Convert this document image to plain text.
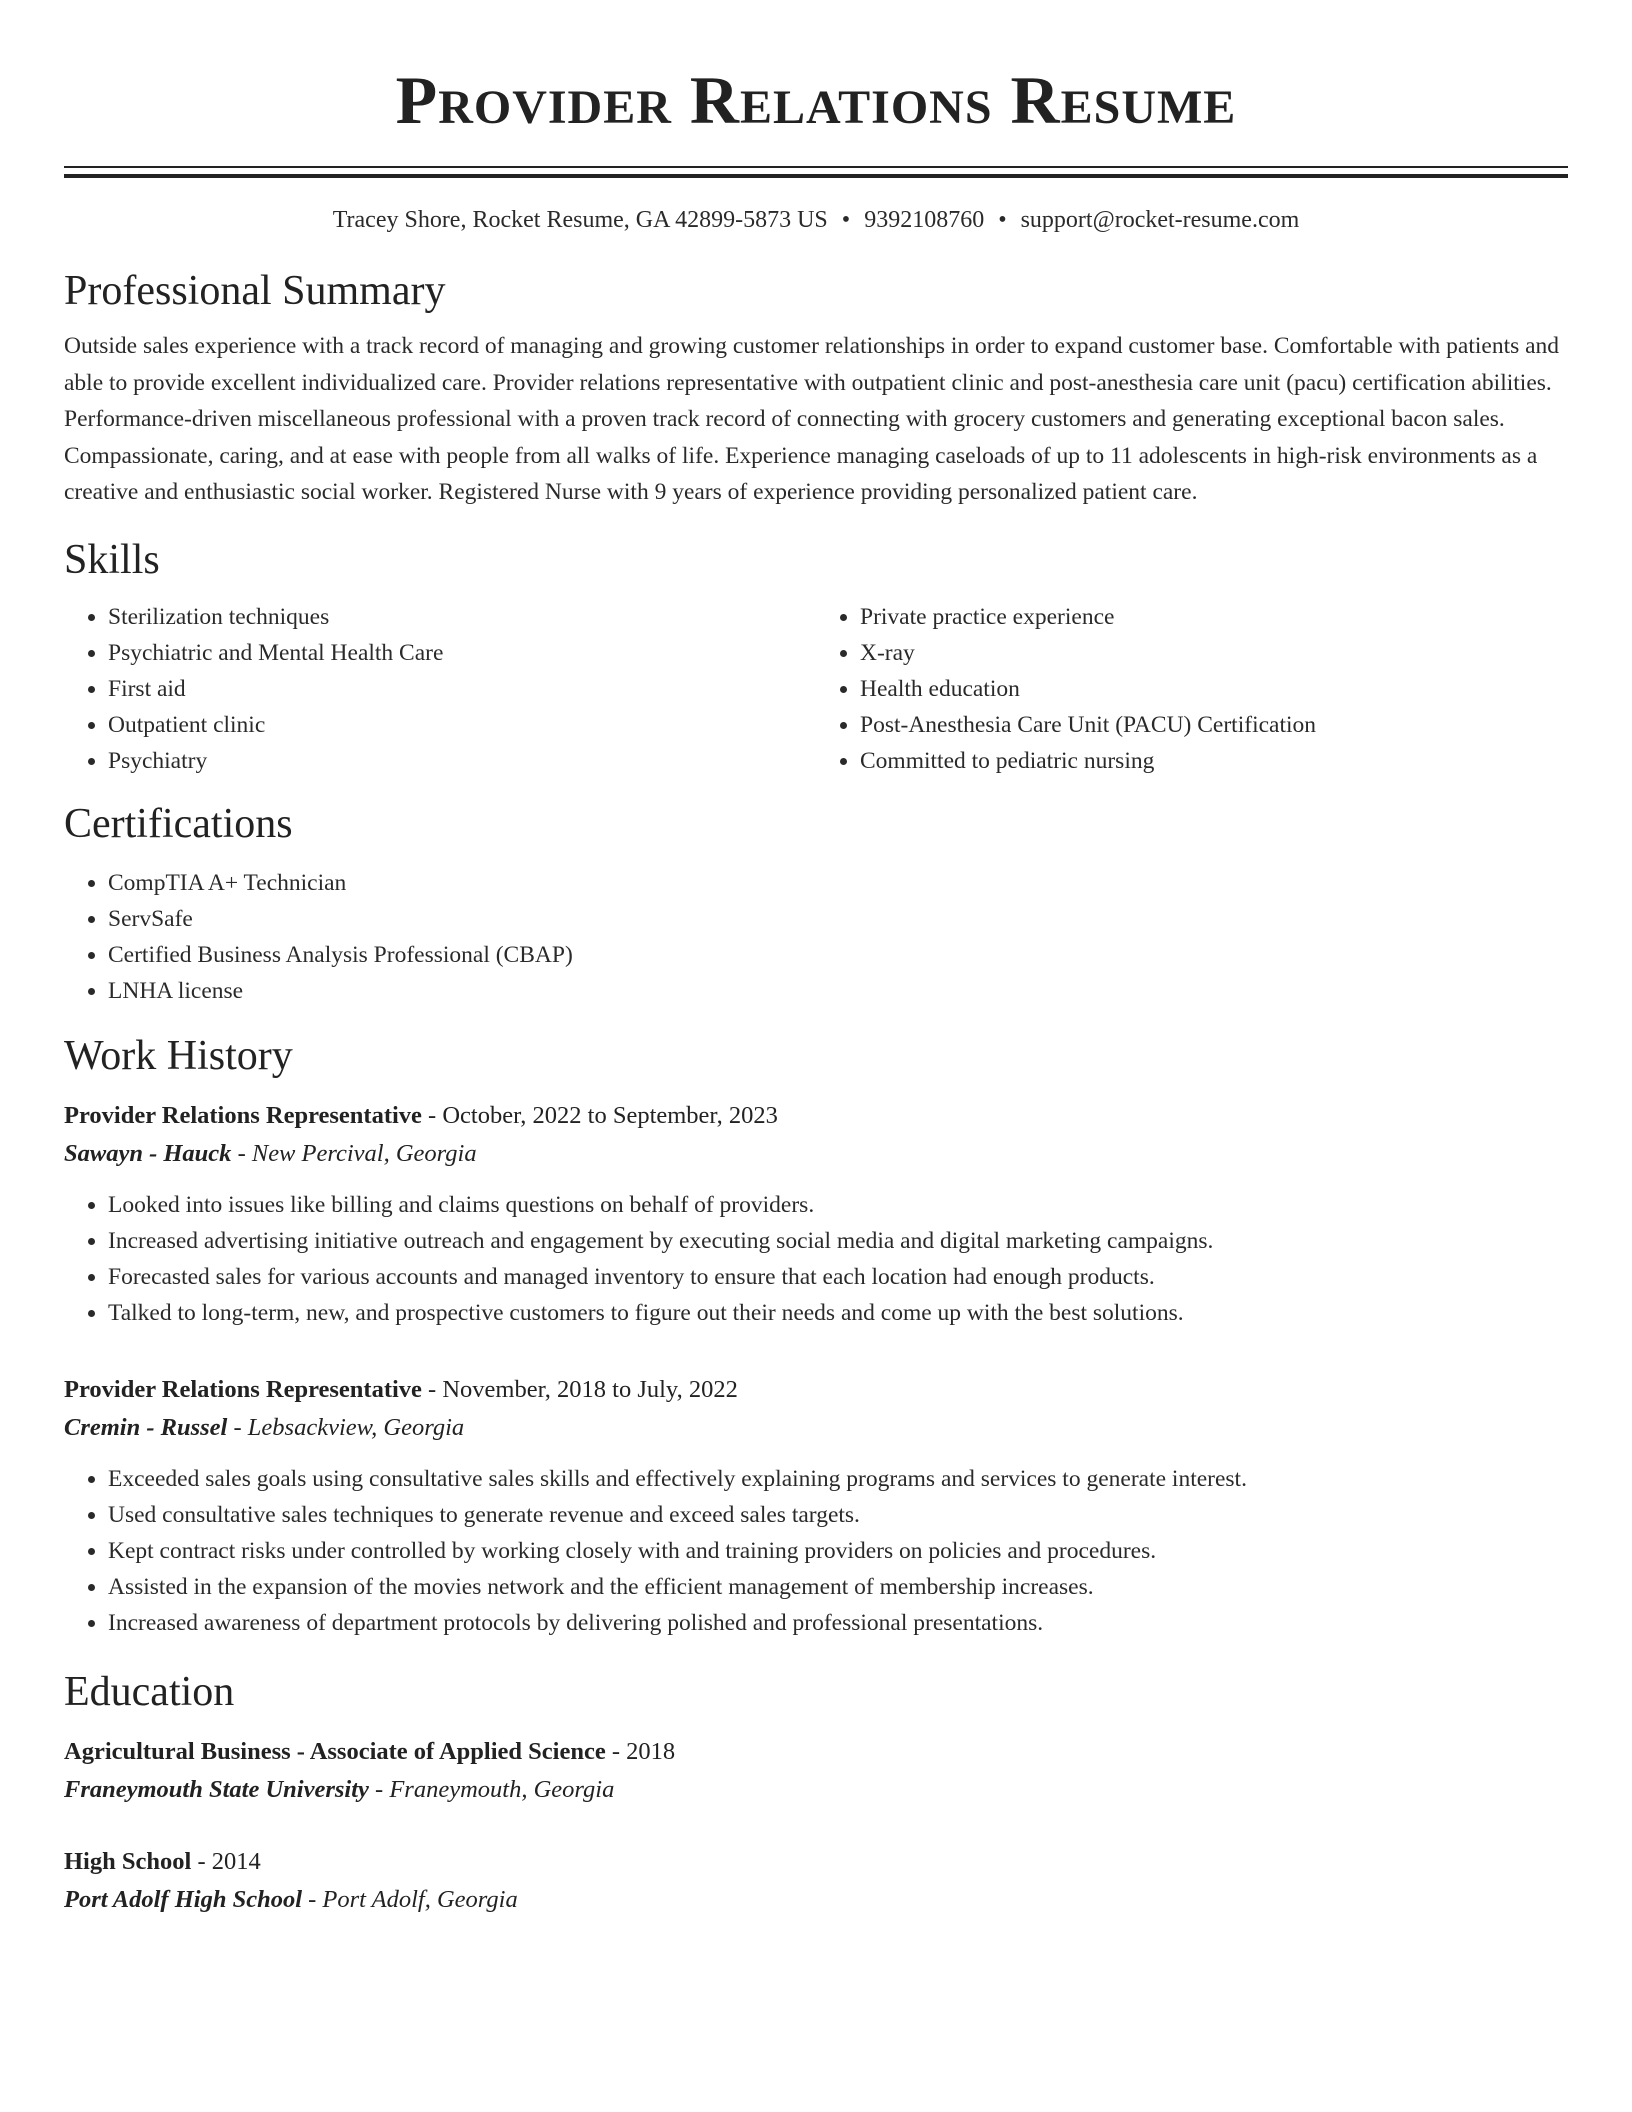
Provider Relations Resume
Tracey Shore, Rocket Resume, GA 42899-5873 US • 9392108760 • support@rocket-resume.com
Professional Summary

Outside sales experience with a track record of managing and growing customer relationships in order to expand customer base. Comfortable with patients and able to provide excellent individualized care. Provider relations representative with outpatient clinic and post-anesthesia care unit (pacu) certification abilities. Performance-driven miscellaneous professional with a proven track record of connecting with grocery customers and generating exceptional bacon sales. Compassionate, caring, and at ease with people from all walks of life. Experience managing caseloads of up to 11 adolescents in high-risk environments as a creative and enthusiastic social worker. Registered Nurse with 9 years of experience providing personalized patient care.

Skills
• Sterilization techniques
• Psychiatric and Mental Health Care
• First aid
• Outpatient clinic
• Psychiatry
• Private practice experience
• X-ray
• Health education
• Post-Anesthesia Care Unit (PACU) Certification
• Committed to pediatric nursing
Certifications
• CompTIA A+ Technician
• ServSafe
• Certified Business Analysis Professional (CBAP)
• LNHA license
Work History
Provider Relations Representative - October, 2022 to September, 2023
Sawayn - Hauck - New Percival, Georgia
• Looked into issues like billing and claims questions on behalf of providers.
• Increased advertising initiative outreach and engagement by executing social media and digital marketing campaigns.
• Forecasted sales for various accounts and managed inventory to ensure that each location had enough products.
• Talked to long-term, new, and prospective customers to figure out their needs and come up with the best solutions.
Provider Relations Representative - November, 2018 to July, 2022
Cremin - Russel - Lebsackview, Georgia
• Exceeded sales goals using consultative sales skills and effectively explaining programs and services to generate interest.
• Used consultative sales techniques to generate revenue and exceed sales targets.
• Kept contract risks under controlled by working closely with and training providers on policies and procedures.
• Assisted in the expansion of the movies network and the efficient management of membership increases.
• Increased awareness of department protocols by delivering polished and professional presentations.
Education
Agricultural Business - Associate of Applied Science - 2018
Franeymouth State University - Franeymouth, Georgia
High School - 2014
Port Adolf High School - Port Adolf, Georgia
